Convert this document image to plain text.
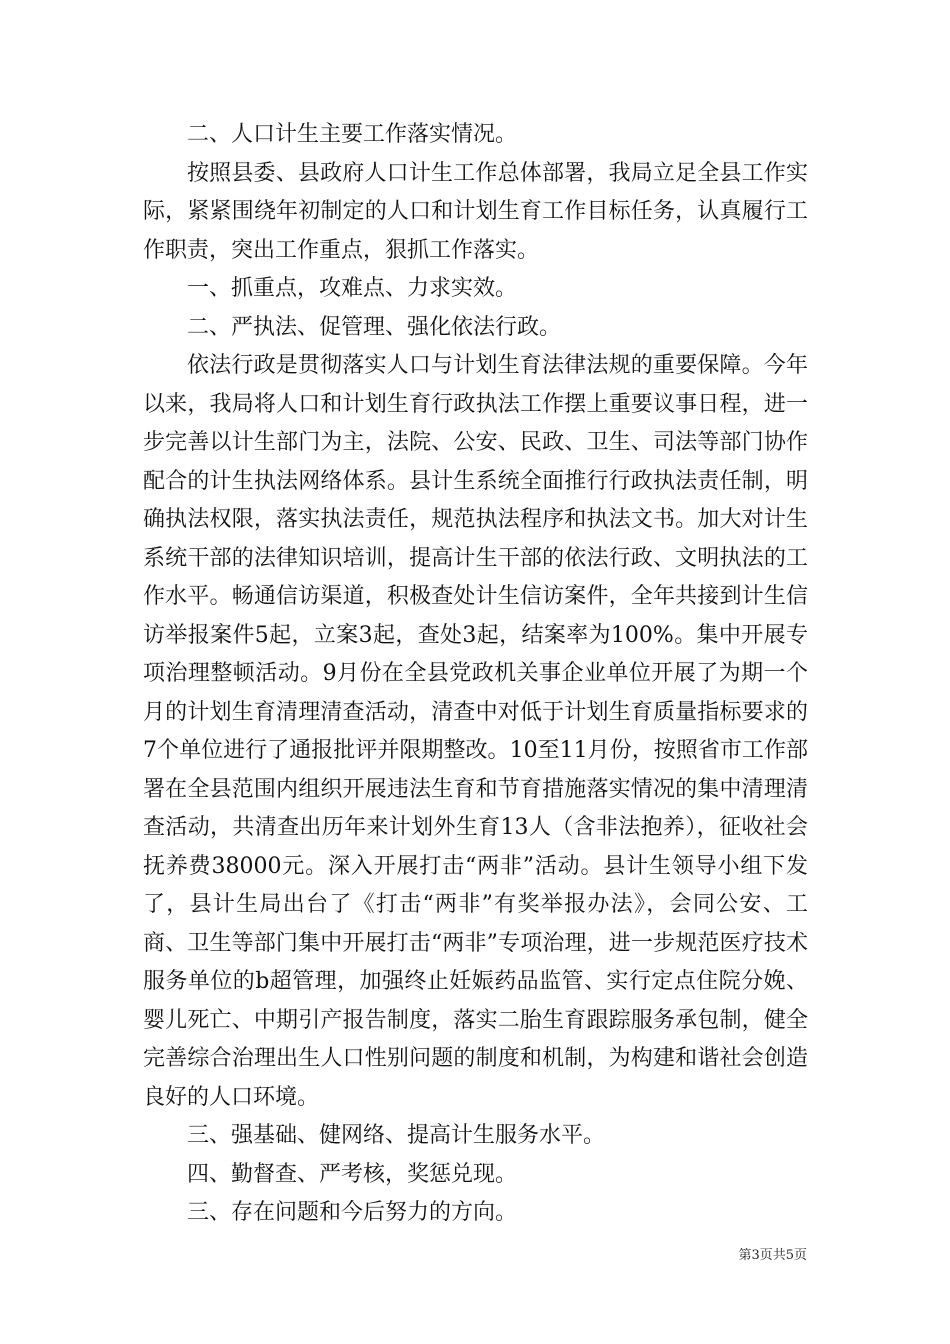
二、人口计生主要工作落实情况。

按照县委、县政府人口计生工作总体部署，我局立足全县工作实际，紧紧围绕年初制定的人口和计划生育工作目标任务，认真履行工作职责，突出工作重点，狠抓工作落实。

一、抓重点，攻难点、力求实效。

二、严执法、促管理、强化依法行政。

依法行政是贯彻落实人口与计划生育法律法规的重要保障。今年以来，我局将人口和计划生育行政执法工作摆上重要议事日程，进一步完善以计生部门为主，法院、公安、民政、卫生、司法等部门协作配合的计生执法网络体系。县计生系统全面推行行政执法责任制，明确执法权限，落实执法责任，规范执法程序和执法文书。加大对计生系统干部的法律知识培训，提高计生干部的依法行政、文明执法的工作水平。畅通信访渠道，积极查处计生信访案件，全年共接到计生信访举报案件5起，立案3起，查处3起，结案率为100%。集中开展专项治理整顿活动。9月份在全县党政机关事企业单位开展了为期一个月的计划生育清理清查活动，清查中对低于计划生育质量指标要求的7个单位进行了通报批评并限期整改。10至11月份，按照省市工作部署在全县范围内组织开展违法生育和节育措施落实情况的集中清理清查活动，共清查出历年来计划外生育13人（含非法抱养），征收社会抚养费38000元。深入开展打击“两非”活动。县计生领导小组下发了，县计生局出台了《打击“两非”有奖举报办法》，会同公安、工商、卫生等部门集中开展打击“两非”专项治理，进一步规范医疗技术服务单位的b超管理，加强终止妊娠药品监管、实行定点住院分娩、婴儿死亡、中期引产报告制度，落实二胎生育跟踪服务承包制，健全完善综合治理出生人口性别问题的制度和机制，为构建和谐社会创造良好的人口环境。

三、强基础、健网络、提高计生服务水平。

四、勤督查、严考核，奖惩兑现。

三、存在问题和今后努力的方向。

第3页共5页
